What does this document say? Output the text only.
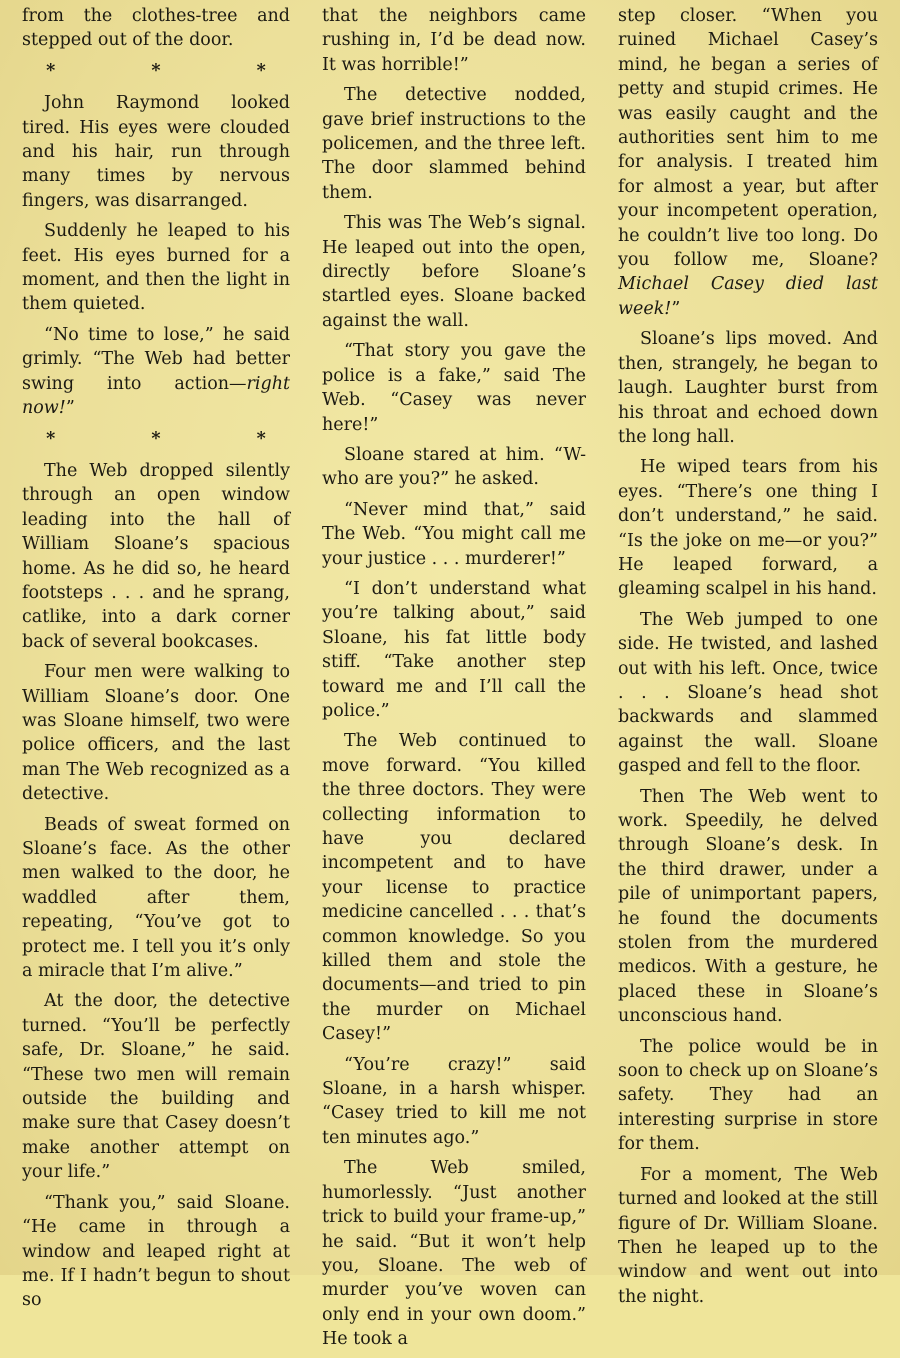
from the clothes-tree and stepped out of the door.

* * *

John Raymond looked tired. His eyes were clouded and his hair, run through many times by nervous fingers, was disarranged.

Suddenly he leaped to his feet. His eyes burned for a moment, and then the light in them quieted.

“No time to lose,” he said grimly. “The Web had better swing into action—right now!”

* * *

The Web dropped silently through an open window leading into the hall of William Sloane’s spacious home. As he did so, he heard footsteps . . . and he sprang, catlike, into a dark corner back of several bookcases.

Four men were walking to William Sloane’s door. One was Sloane himself, two were police officers, and the last man The Web recognized as a detective.

Beads of sweat formed on Sloane’s face. As the other men walked to the door, he waddled after them, repeating, “You’ve got to protect me. I tell you it’s only a miracle that I’m alive.”

At the door, the detective turned. “You’ll be perfectly safe, Dr. Sloane,” he said. “These two men will remain outside the building and make sure that Casey doesn’t make another attempt on your life.”

“Thank you,” said Sloane. “He came in through a window and leaped right at me. If I hadn’t begun to shout so

that the neighbors came rushing in, I’d be dead now. It was horrible!”

The detective nodded, gave brief instructions to the policemen, and the three left. The door slammed behind them.

This was The Web’s signal. He leaped out into the open, directly before Sloane’s startled eyes. Sloane backed against the wall.

“That story you gave the police is a fake,” said The Web. “Casey was never here!”

Sloane stared at him. “W-who are you?” he asked.

“Never mind that,” said The Web. “You might call me your justice . . . murderer!”

“I don’t understand what you’re talking about,” said Sloane, his fat little body stiff. “Take another step toward me and I’ll call the police.”

The Web continued to move forward. “You killed the three doctors. They were collecting information to have you declared incompetent and to have your license to practice medicine cancelled . . . that’s common knowledge. So you killed them and stole the documents—and tried to pin the murder on Michael Casey!”

“You’re crazy!” said Sloane, in a harsh whisper. “Casey tried to kill me not ten minutes ago.”

The Web smiled, humorlessly. “Just another trick to build your frame-up,” he said. “But it won’t help you, Sloane. The web of murder you’ve woven can only end in your own doom.” He took a

step closer. “When you ruined Michael Casey’s mind, he began a series of petty and stupid crimes. He was easily caught and the authorities sent him to me for analysis. I treated him for almost a year, but after your incompetent operation, he couldn’t live too long. Do you follow me, Sloane? Michael Casey died last week!”

Sloane’s lips moved. And then, strangely, he began to laugh. Laughter burst from his throat and echoed down the long hall.

He wiped tears from his eyes. “There’s one thing I don’t understand,” he said. “Is the joke on me—or you?” He leaped forward, a gleaming scalpel in his hand.

The Web jumped to one side. He twisted, and lashed out with his left. Once, twice . . . Sloane’s head shot backwards and slammed against the wall. Sloane gasped and fell to the floor.

Then The Web went to work. Speedily, he delved through Sloane’s desk. In the third drawer, under a pile of unimportant papers, he found the documents stolen from the murdered medicos. With a gesture, he placed these in Sloane’s unconscious hand.

The police would be in soon to check up on Sloane’s safety. They had an interesting surprise in store for them.

For a moment, The Web turned and looked at the still figure of Dr. William Sloane. Then he leaped up to the window and went out into the night.
